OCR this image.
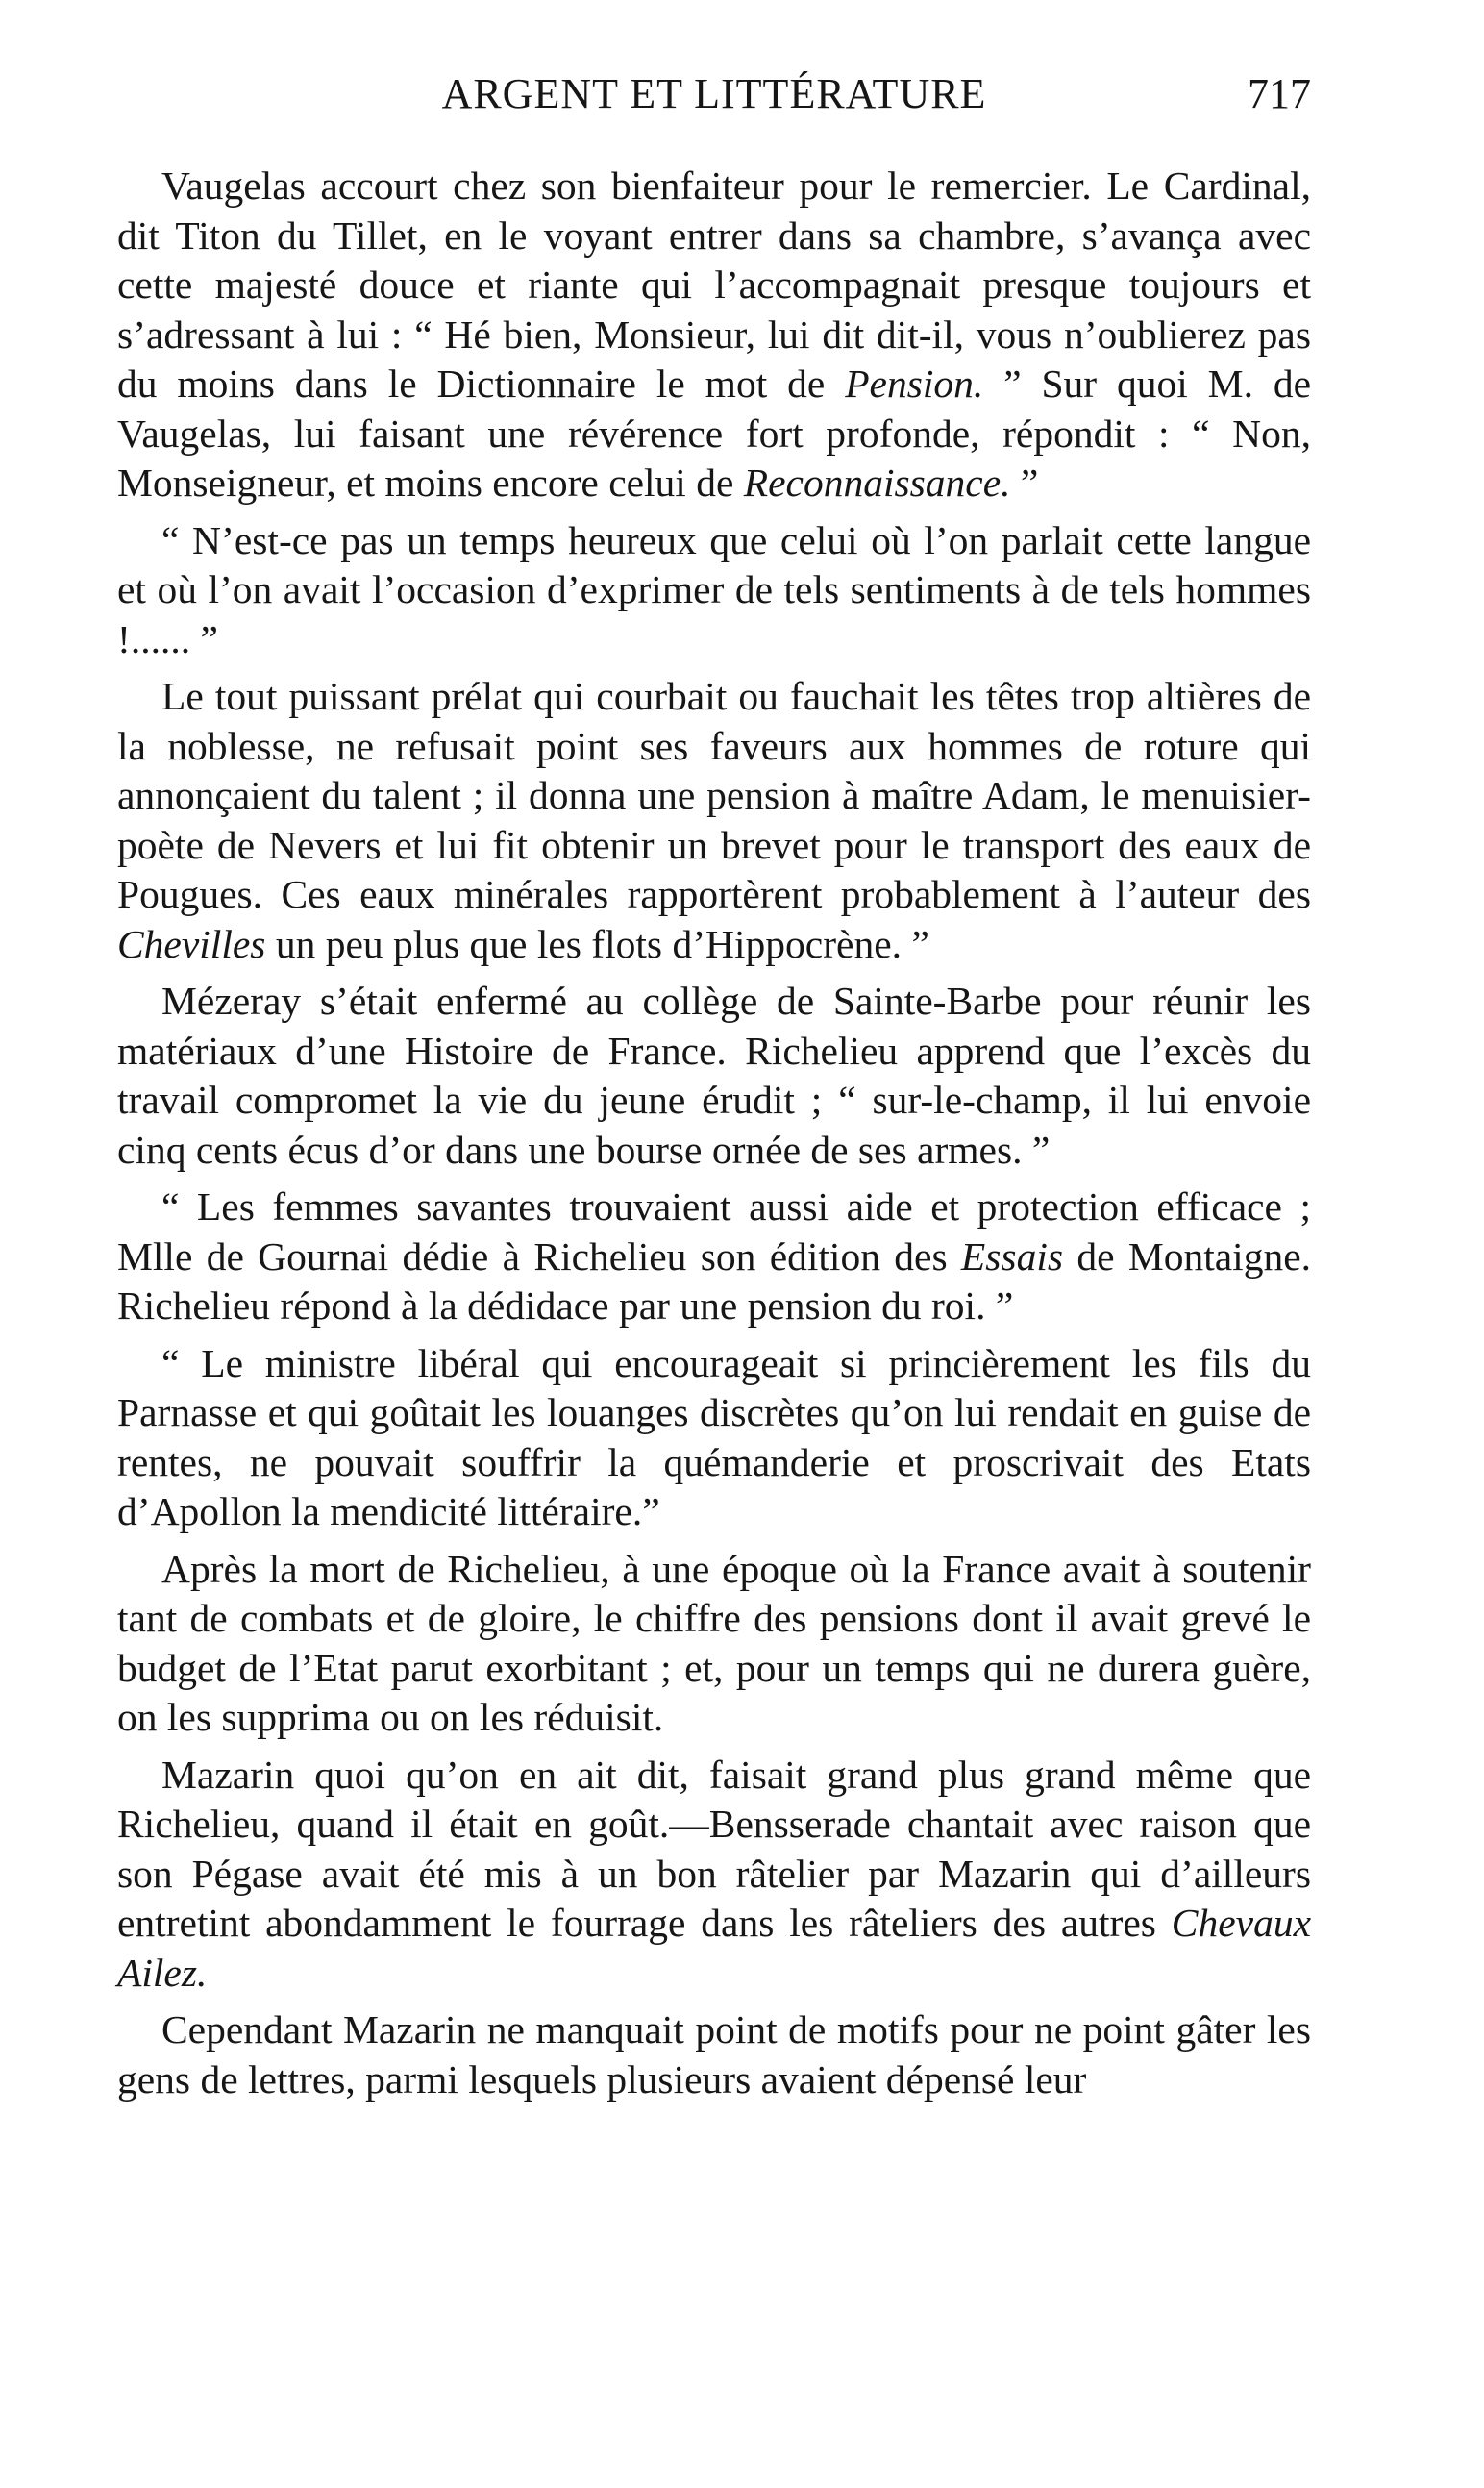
ARGENT ET LITTÉRATURE	717

Vaugelas accourt chez son bienfaiteur pour le remercier. Le Cardinal, dit Titon du Tillet, en le voyant entrer dans sa chambre, s’avança avec cette majesté douce et riante qui l’accompagnait presque toujours et s’adressant à lui : “ Hé bien, Monsieur, lui dit dit-il, vous n’oublierez pas du moins dans le Dictionnaire le mot de Pension. ” Sur quoi M. de Vaugelas, lui faisant une révérence fort profonde, répondit : “ Non, Monseigneur, et moins encore celui de Reconnaissance. ”

“ N’est-ce pas un temps heureux que celui où l’on parlait cette langue et où l’on avait l’occasion d’exprimer de tels sentiments à de tels hommes !...... ”

Le tout puissant prélat qui courbait ou fauchait les têtes trop altières de la noblesse, ne refusait point ses faveurs aux hommes de roture qui annonçaient du talent ; il donna une pension à maître Adam, le menuisier-poète de Nevers et lui fit obtenir un brevet pour le transport des eaux de Pougues. Ces eaux minérales rapportèrent probablement à l’auteur des Chevilles un peu plus que les flots d’Hippocrène. ”

Mézeray s’était enfermé au collège de Sainte-Barbe pour réunir les matériaux d’une Histoire de France. Richelieu apprend que l’excès du travail compromet la vie du jeune érudit ; “ sur-le-champ, il lui envoie cinq cents écus d’or dans une bourse ornée de ses armes. ”

“ Les femmes savantes trouvaient aussi aide et protection efficace ; Mlle de Gournai dédie à Richelieu son édition des Essais de Montaigne. Richelieu répond à la dédidace par une pension du roi. ”

“ Le ministre libéral qui encourageait si princièrement les fils du Parnasse et qui goûtait les louanges discrètes qu’on lui rendait en guise de rentes, ne pouvait souffrir la quémanderie et proscrivait des Etats d’Apollon la mendicité littéraire.”

Après la mort de Richelieu, à une époque où la France avait à soutenir tant de combats et de gloire, le chiffre des pensions dont il avait grevé le budget de l’Etat parut exorbitant ; et, pour un temps qui ne durera guère, on les supprima ou on les réduisit.

Mazarin quoi qu’on en ait dit, faisait grand plus grand même que Richelieu, quand il était en goût.—Bensserade chantait avec raison que son Pégase avait été mis à un bon râtelier par Mazarin qui d’ailleurs entretint abondamment le fourrage dans les râteliers des autres Chevaux Ailez.

Cependant Mazarin ne manquait point de motifs pour ne point gâter les gens de lettres, parmi lesquels plusieurs avaient dépensé leur
